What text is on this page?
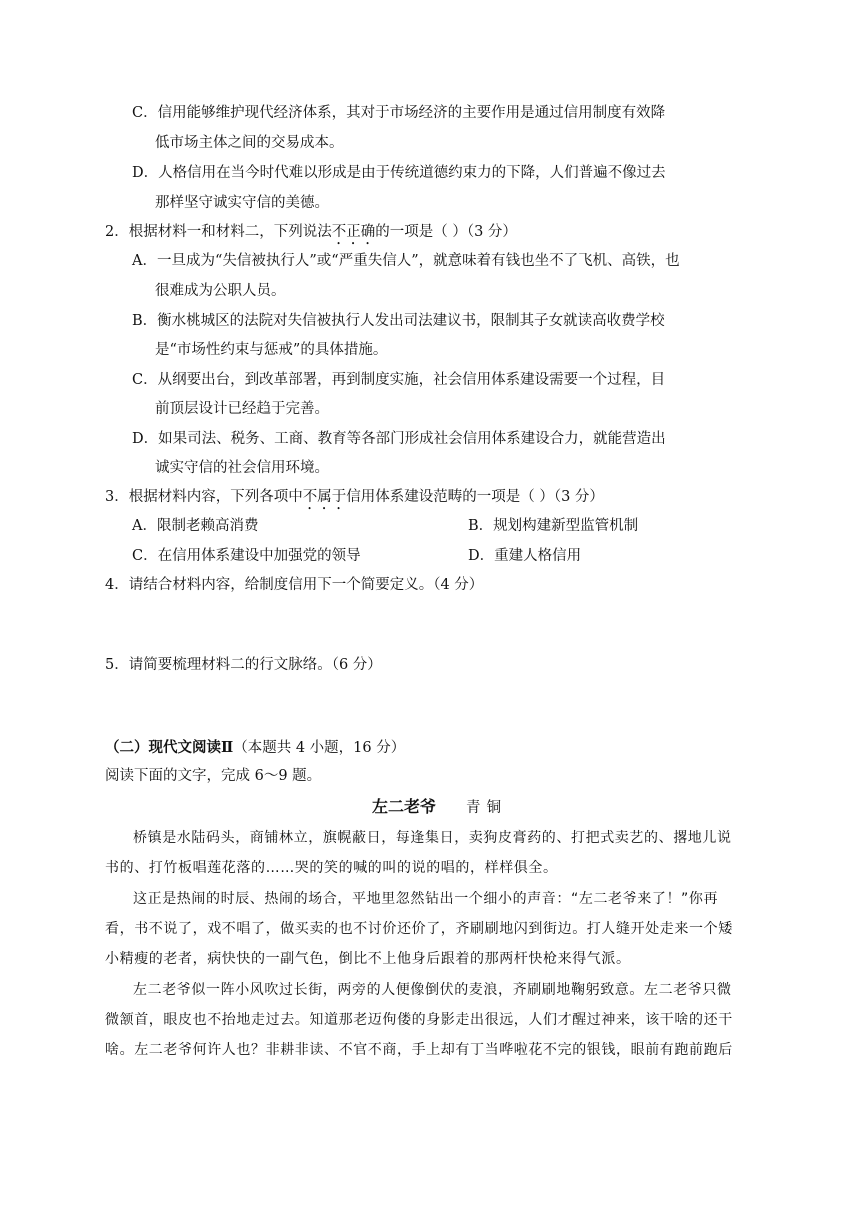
C．信用能够维护现代经济体系，其对于市场经济的主要作用是通过信用制度有效降
低市场主体之间的交易成本。
D．人格信用在当今时代难以形成是由于传统道德约束力的下降，人们普遍不像过去
那样坚守诚实守信的美德。
2．根据材料一和材料二，下列说法不正确的一项是（ ）（3 分）
A．一旦成为“失信被执行人”或“严重失信人”，就意味着有钱也坐不了飞机、高铁，也
很难成为公职人员。
B．衡水桃城区的法院对失信被执行人发出司法建议书，限制其子女就读高收费学校
是“市场性约束与惩戒”的具体措施。
C．从纲要出台，到改革部署，再到制度实施，社会信用体系建设需要一个过程，目
前顶层设计已经趋于完善。
D．如果司法、税务、工商、教育等各部门形成社会信用体系建设合力，就能营造出
诚实守信的社会信用环境。
3．根据材料内容，下列各项中不属于信用体系建设范畴的一项是（ ）（3 分）
A．限制老赖高消费	B．规划构建新型监管机制
C．在信用体系建设中加强党的领导	D．重建人格信用
4．请结合材料内容，给制度信用下一个简要定义。（4 分）
5．请简要梳理材料二的行文脉络。（6 分）
（二）现代文阅读Ⅱ（本题共 4 小题，16 分）
阅读下面的文字，完成 6～9 题。
左二老爷 青铜
桥镇是水陆码头，商铺林立，旗幌蔽日，每逢集日，卖狗皮膏药的、打把式卖艺的、撂地儿说
书的、打竹板唱莲花落的……哭的笑的喊的叫的说的唱的，样样俱全。
这正是热闹的时辰、热闹的场合，平地里忽然钻出一个细小的声音：“左二老爷来了！”你再
看，书不说了，戏不唱了，做买卖的也不讨价还价了，齐刷刷地闪到街边。打人缝开处走来一个矮
小精瘦的老者，病快快的一副气色，倒比不上他身后跟着的那两杆快枪来得气派。
左二老爷似一阵小风吹过长街，两旁的人便像倒伏的麦浪，齐刷刷地鞠躬致意。左二老爷只微
微颔首，眼皮也不抬地走过去。知道那老迈佝偻的身影走出很远，人们才醒过神来，该干啥的还干
啥。左二老爷何许人也？非耕非读、不官不商，手上却有丁当哗啦花不完的银钱，眼前有跑前跑后
